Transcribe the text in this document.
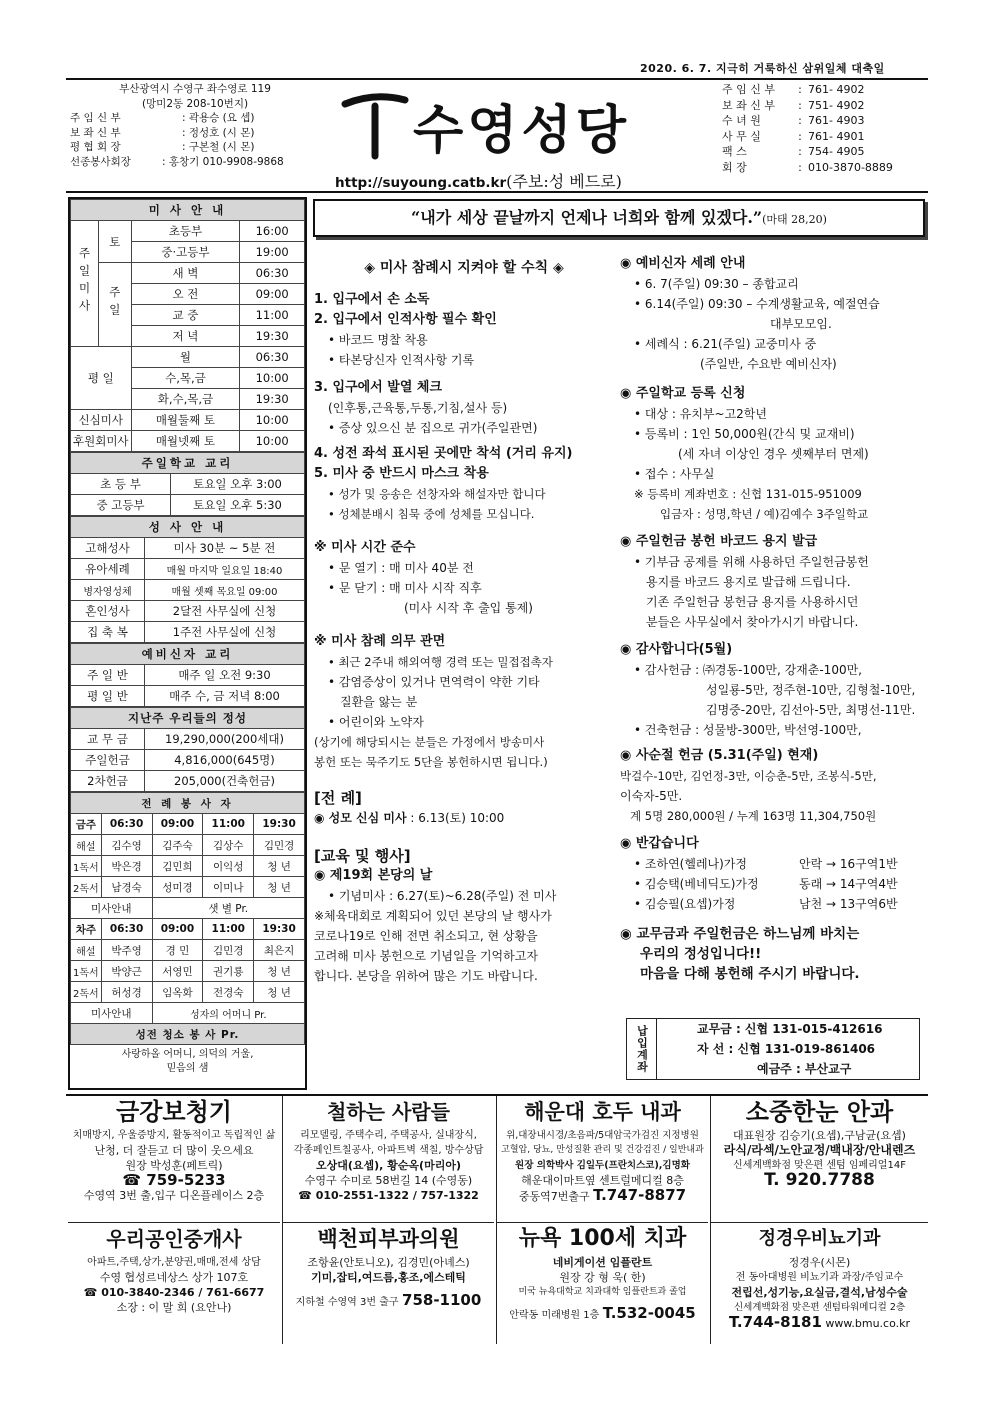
2020. 6. 7. 지극히 거룩하신 삼위일체 대축일
부산광역시 수영구 좌수영로 119
(망미2동 208-10번지)
주 임 신 부	: 곽용승 (요 셉)
보 좌 신 부	: 정성호 (시 몬)
평 협 회 장	: 구본철 (시 몬)
선종봉사회장	: 홍창기 010-9908-9868
수영성당
http://suyoung.catb.kr(주보:성 베드로)
주 임 신 부	: 761- 4902
보 좌 신 부	: 751- 4902
수 녀 원	: 761- 4903
사 무 실	: 761- 4901
팩 스	: 754- 4905
회 장	: 010-3870-8889
미 사 안 내			
주일미사	토	초등부	16:00
		중·고등부	19:00
	주일	새 벽	06:30
		오 전	09:00
		교 중	11:00
		저 녁	19:30
평 일		월	06:30
		수,목,금	10:00
		화,수,목,금	19:30
신심미사		매월둘째 토	10:00
후원회미사		매월넷째 토	10:00
주일학교 교리	
초 등 부	토요일 오후 3:00
중 고등부	토요일 오후 5:30
성 사 안 내	
고해성사	미사 30분 ~ 5분 전
유아세례	매월 마지막 일요일 18:40
병자영성체	매월 셋째 목요일 09:00
혼인성사	2달전 사무실에 신청
집 축 복	1주전 사무실에 신청
예비신자 교리	
주 일 반	매주 일 오전 9:30
평 일 반	매주 수, 금 저녁 8:00
지난주 우리들의 정성	
교 무 금	19,290,000(200세대)
주일헌금	4,816,000(645명)
2차헌금	205,000(건축헌금)
전 례 봉 사 자				
금주	06:30	09:00	11:00	19:30
해설	김수영	김주숙	김상수	김민경
1독서	박은경	김민희	이익성	청 년
2독서	남경숙	성미경	이미나	청 년
미사안내		샛 별 Pr.		
차주	06:30	09:00	11:00	19:30
해설	박주영	경 민	김민경	최은지
1독서	박양근	서영민	권기룡	청 년
2독서	허성경	임옥화	전경숙	청 년
미사안내		성자의 어머니 Pr.		
성전 청소 봉 사 Pr.				
사랑하올 어머니, 의덕의 거울,
믿음의 샘
“내가 세상 끝날까지 언제나 너희와 함께 있겠다.”(마태 28,20)
◈ 미사 참례시 지켜야 할 수칙 ◈
1. 입구에서 손 소독
2. 입구에서 인적사항 필수 확인
• 바코드 명찰 착용
• 타본당신자 인적사항 기록
3. 입구에서 발열 체크
(인후통,근육통,두통,기침,설사 등)
• 증상 있으신 분 집으로 귀가(주일관면)
4. 성전 좌석 표시된 곳에만 착석 (거리 유지)
5. 미사 중 반드시 마스크 착용
• 성가 및 응송은 선창자와 해설자만 합니다
• 성체분배시 침묵 중에 성체를 모십니다.
※ 미사 시간 준수
• 문 열기 : 매 미사 40분 전
• 문 닫기 : 매 미사 시작 직후
(미사 시작 후 출입 통제)
※ 미사 참례 의무 관면
• 최근 2주내 해외여행 경력 또는 밀접접촉자
• 감염증상이 있거나 면역력이 약한 기타
질환을 앓는 분
• 어린이와 노약자
(상기에 해당되시는 분들은 가정에서 방송미사
봉헌 또는 묵주기도 5단을 봉헌하시면 됩니다.)
[전 례]
◉ 성모 신심 미사 : 6.13(토) 10:00
[교육 및 행사]
◉ 제19회 본당의 날
• 기념미사 : 6.27(토)~6.28(주일) 전 미사
※체육대회로 계획되어 있던 본당의 날 행사가
코로나19로 인해 전면 취소되고, 현 상황을
고려해 미사 봉헌으로 기념일을 기억하고자
합니다. 본당을 위하여 많은 기도 바랍니다.
◉ 예비신자 세례 안내
• 6. 7(주일) 09:30 – 종합교리
• 6.14(주일) 09:30 – 수계생활교육, 예절연습
대부모모임.
• 세례식 : 6.21(주일) 교중미사 중
(주일반, 수요반 예비신자)
◉ 주일학교 등록 신청
• 대상 : 유치부~고2학년
• 등록비 : 1인 50,000원(간식 및 교재비)
(세 자녀 이상인 경우 셋째부터 면제)
• 접수 : 사무실
※ 등록비 계좌번호 : 신협 131-015-951009
입금자 : 성명,학년 / 예)김예수 3주일학교
◉ 주일헌금 봉헌 바코드 용지 발급
• 기부금 공제를 위해 사용하던 주일헌금봉헌
용지를 바코드 용지로 발급해 드립니다.
기존 주일헌금 봉헌금 용지를 사용하시던
분들은 사무실에서 찾아가시기 바랍니다.
◉ 감사합니다(5월)
• 감사헌금 : ㈜경동-100만, 강재춘-100만,
성일룡-5만, 정주현-10만, 김형철-10만,
김명중-20만, 김선아-5만, 최명선-11만.
• 건축헌금 : 성물방-300만, 박선영-100만,
◉ 사순절 헌금 (5.31(주일) 현재)
박걸수-10만, 김언정-3만, 이승춘-5만, 조봉식-5만,
이숙자-5만.
계 5명 280,000원 / 누계 163명 11,304,750원
◉ 반갑습니다
• 조하연(헬레나)가정	안락 → 16구역1반
• 김승택(베네딕도)가정	동래 → 14구역4반
• 김승필(요셉)가정	남천 → 13구역6반
◉ 교무금과 주일헌금은 하느님께 바치는
우리의 정성입니다!!
마음을 다해 봉헌해 주시기 바랍니다.
납입계좌	교무금 : 신협 131-015-412616
자 선 : 신협 131-019-861406
예금주 : 부산교구
금강보청기
치매방지, 우울증방지, 활동적이고 독립적인 삶
난청, 더 잘듣고 더 많이 웃으세요
원장 박성훈(페트릭)
☎ 759-5233
수영역 3번 출,입구 디온플레이스 2층
철하는 사람들
리모델링, 주택수리, 주택공사, 실내장식,
각종페인트칠공사, 아파트벽 색칠, 방수상담
오상대(요셉), 황순옥(마리아)
수영구 수미로 58번길 14 (수영동)
☎ 010-2551-1322 / 757-1322
해운대 호두 내과
위,대장내시경/초음파/5대암국가검진 지정병원
고혈압, 당뇨, 만성질환 관리 및 건강검진 / 일반내과
원장 의학박사 김일두(프란치스코),김명화
해운대이마트옆 센트럴메디컬 8층
중동역7번출구 T.747-8877
소중한눈 안과
대표원장 김승기(요셉),구남균(요셉)
라식/라섹/노안교정/백내장/안내렌즈
신세계백화점 맞은편 센텀 임페리얼14F
T. 920.7788
우리공인중개사
아파트,주택,상가,분양권,매매,전세 상담
수영 협성르네상스 상가 107호
☎ 010-3840-2346 / 761-6677
소장 : 이 말 희 (요안나)
백천피부과의원
조항윤(안토니오), 김경민(아녜스)
기미,잡티,여드름,홍조,에스테틱
지하철 수영역 3번 출구 758-1100
뉴욕 100세 치과
네비게이션 임플란트
원장 강 형 욱( 한)
미국 뉴욕대학교 치과대학 임플란트과 졸업
안락동 미래병원 1층 T.532-0045
정경우비뇨기과
정경우(시몬)
전 동아대병원 비뇨기과 과장/주임교수
전립선,성기능,요실금,결석,남성수술
신세계백화점 맞은편 센텀타워메디컬 2층
T.744-8181 www.bmu.co.kr
